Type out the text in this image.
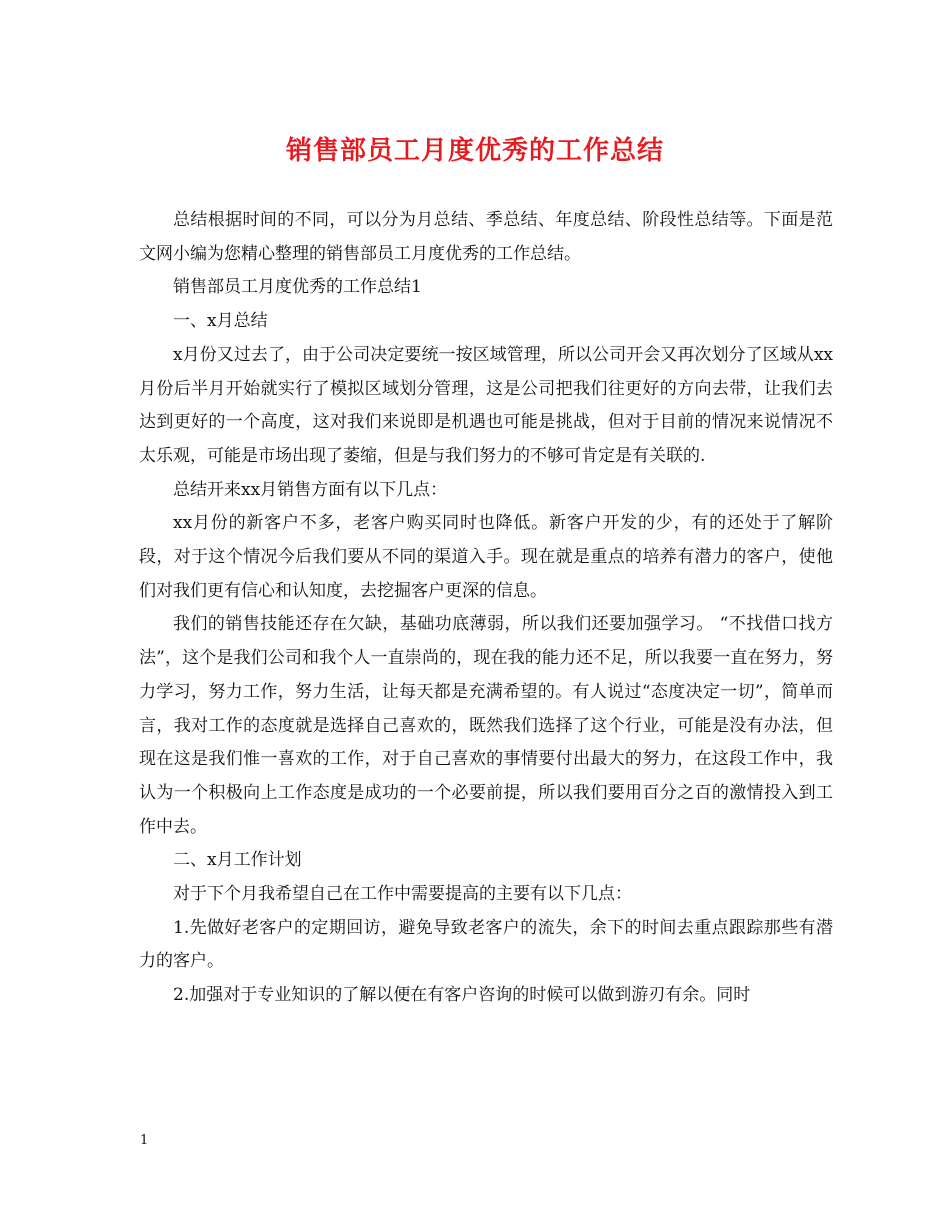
销售部员工月度优秀的工作总结

总结根据时间的不同，可以分为月总结、季总结、年度总结、阶段性总结等。下面是范文网小编为您精心整理的销售部员工月度优秀的工作总结。

销售部员工月度优秀的工作总结1

一、x月总结

x月份又过去了，由于公司决定要统一按区域管理，所以公司开会又再次划分了区域从xx月份后半月开始就实行了模拟区域划分管理，这是公司把我们往更好的方向去带，让我们去达到更好的一个高度，这对我们来说即是机遇也可能是挑战，但对于目前的情况来说情况不太乐观，可能是市场出现了萎缩，但是与我们努力的不够可肯定是有关联的.

总结开来xx月销售方面有以下几点：

xx月份的新客户不多，老客户购买同时也降低。新客户开发的少，有的还处于了解阶段，对于这个情况今后我们要从不同的渠道入手。现在就是重点的培养有潜力的客户，使他们对我们更有信心和认知度，去挖掘客户更深的信息。

我们的销售技能还存在欠缺，基础功底薄弱，所以我们还要加强学习。 “不找借口找方法”，这个是我们公司和我个人一直崇尚的，现在我的能力还不足，所以我要一直在努力，努力学习，努力工作，努力生活，让每天都是充满希望的。有人说过“态度决定一切”，简单而言，我对工作的态度就是选择自己喜欢的，既然我们选择了这个行业，可能是没有办法，但现在这是我们惟一喜欢的工作，对于自己喜欢的事情要付出最大的努力，在这段工作中，我认为一个积极向上工作态度是成功的一个必要前提，所以我们要用百分之百的激情投入到工作中去。

二、x月工作计划

对于下个月我希望自己在工作中需要提高的主要有以下几点：

1.先做好老客户的定期回访，避免导致老客户的流失，余下的时间去重点跟踪那些有潜力的客户。

2.加强对于专业知识的了解以便在有客户咨询的时候可以做到游刃有余。同时

1
